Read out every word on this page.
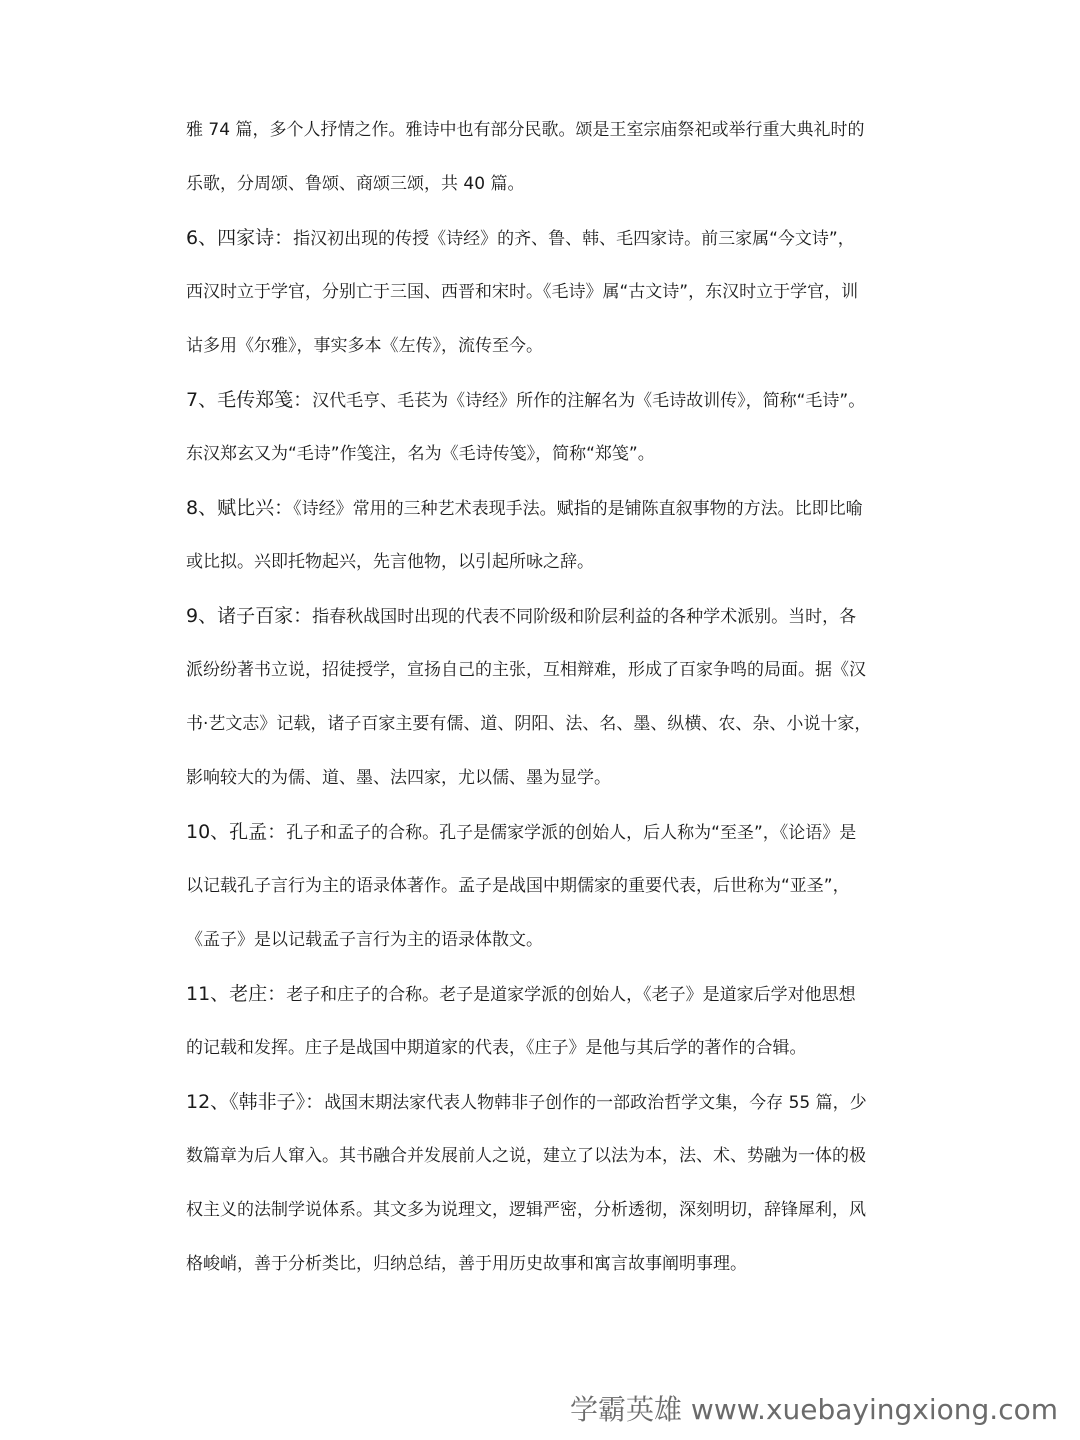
雅 74 篇，多个人抒情之作。雅诗中也有部分民歌。颂是王室宗庙祭祀或举行重大典礼时的
乐歌，分周颂、鲁颂、商颂三颂，共 40 篇。
6、四家诗：指汉初出现的传授《诗经》的齐、鲁、韩、毛四家诗。前三家属“今文诗”，
西汉时立于学官，分别亡于三国、西晋和宋时。《毛诗》属“古文诗”，东汉时立于学官，训
诂多用《尔雅》，事实多本《左传》，流传至今。
7、毛传郑笺：汉代毛亨、毛苌为《诗经》所作的注解名为《毛诗故训传》，简称“毛诗”。
东汉郑玄又为“毛诗”作笺注，名为《毛诗传笺》，简称“郑笺”。
8、赋比兴：《诗经》常用的三种艺术表现手法。赋指的是铺陈直叙事物的方法。比即比喻
或比拟。兴即托物起兴，先言他物，以引起所咏之辞。
9、诸子百家：指春秋战国时出现的代表不同阶级和阶层利益的各种学术派别。当时，各
派纷纷著书立说，招徒授学，宣扬自己的主张，互相辩难，形成了百家争鸣的局面。据《汉
书·艺文志》记载，诸子百家主要有儒、道、阴阳、法、名、墨、纵横、农、杂、小说十家，
影响较大的为儒、道、墨、法四家，尤以儒、墨为显学。
10、孔孟：孔子和孟子的合称。孔子是儒家学派的创始人，后人称为“至圣”，《论语》是
以记载孔子言行为主的语录体著作。孟子是战国中期儒家的重要代表，后世称为“亚圣”，
《孟子》是以记载孟子言行为主的语录体散文。
11、老庄：老子和庄子的合称。老子是道家学派的创始人，《老子》是道家后学对他思想
的记载和发挥。庄子是战国中期道家的代表，《庄子》是他与其后学的著作的合辑。
12、《韩非子》：战国末期法家代表人物韩非子创作的一部政治哲学文集，今存 55 篇，少
数篇章为后人窜入。其书融合并发展前人之说，建立了以法为本，法、术、势融为一体的极
权主义的法制学说体系。其文多为说理文，逻辑严密，分析透彻，深刻明切，辞锋犀利，风
格峻峭，善于分析类比，归纳总结，善于用历史故事和寓言故事阐明事理。
学霸英雄 www.xuebayingxiong.com
